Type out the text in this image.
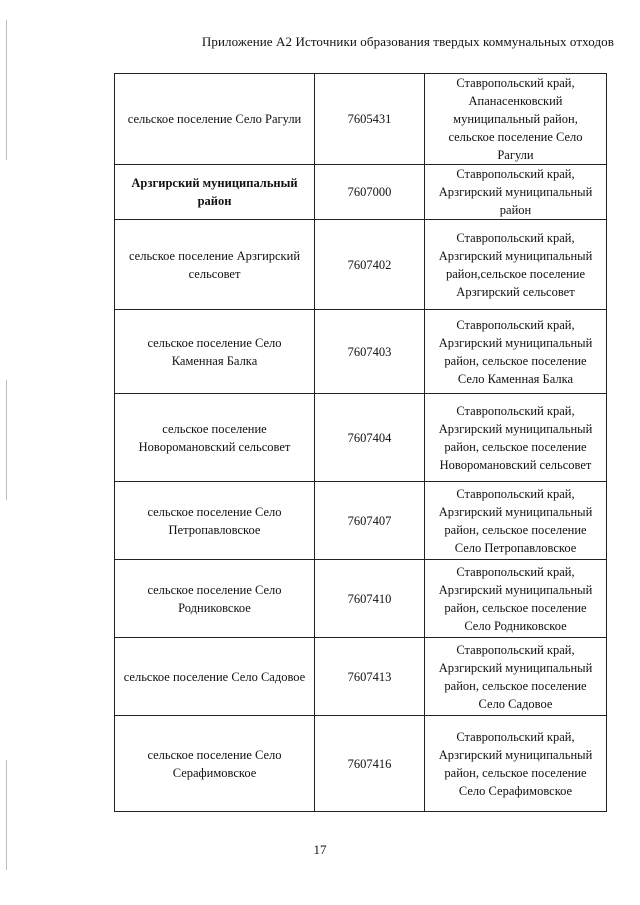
Приложение А2 Источники образования твердых коммунальных отходов
сельское поселение Село Рагули	7605431	Ставропольский край, Апанасенковский муниципальный район, сельское поселение Село Рагули
Арзгирский муниципальный район	7607000	Ставропольский край, Арзгирский муниципальный район
сельское поселение Арзгирский сельсовет	7607402	Ставропольский край, Арзгирский муниципальный район,сельское поселение Арзгирский сельсовет
сельское поселение Село Каменная Балка	7607403	Ставропольский край, Арзгирский муниципальный район, сельское поселение Село Каменная Балка
сельское поселение Новоромановский сельсовет	7607404	Ставропольский край, Арзгирский муниципальный район, сельское поселение Новоромановский сельсовет
сельское поселение Село Петропавловское	7607407	Ставропольский край, Арзгирский муниципальный район, сельское поселение Село Петропавловское
сельское поселение Село Родниковское	7607410	Ставропольский край, Арзгирский муниципальный район, сельское поселение Село Родниковское
сельское поселение Село Садовое	7607413	Ставропольский край, Арзгирский муниципальный район, сельское поселение Село Садовое
сельское поселение Село Серафимовское	7607416	Ставропольский край, Арзгирский муниципальный район, сельское поселение Село Серафимовское
17
